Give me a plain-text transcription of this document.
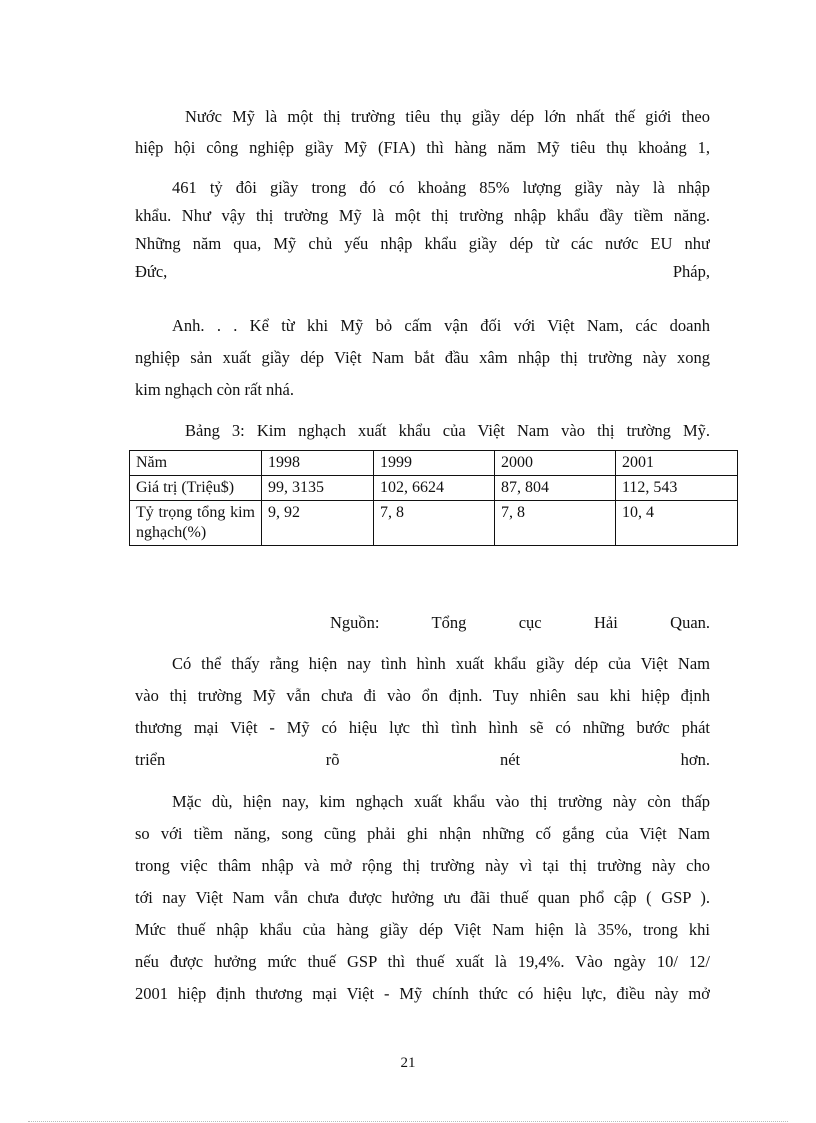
Nước Mỹ là một thị trường tiêu thụ giầy dép lớn nhất thế giới theo
hiệp hội công nghiệp giầy Mỹ (FIA) thì hàng năm Mỹ tiêu thụ khoảng 1,
461 tỷ đôi giầy trong đó có khoảng 85% lượng giầy này là nhập
khẩu. Như vậy thị trường Mỹ là một thị trường nhập khẩu đầy tiềm năng.
Những năm qua, Mỹ chủ yếu nhập khẩu giầy dép từ các nước EU như
Đức,	Pháp,
Anh. . . Kể từ khi Mỹ bỏ cấm vận đối với Việt Nam, các doanh
nghiệp sản xuất giầy dép Việt Nam bắt đầu xâm nhập thị trường này xong
kim nghạch còn rất nhá.
Bảng 3: Kim nghạch xuất khẩu của Việt Nam vào thị trường Mỹ.
Năm	1998	1999	2000	2001
Giá trị (Triệu$)	99, 3135	102, 6624	87, 804	112, 543

Tỷ trọng tổng kim nghạch(%)	9, 92	7, 8	7, 8	10, 4
Nguồn:	Tổng	cục	Hải	Quan.
Có thể thấy rằng hiện nay tình hình xuất khẩu giầy dép của Việt Nam
vào thị trường Mỹ vẫn chưa đi vào ổn định. Tuy nhiên sau khi hiệp định
thương mại Việt - Mỹ có hiệu lực thì tình hình sẽ có những bước phát
triển	rõ	nét	hơn.
Mặc dù, hiện nay, kim nghạch xuất khẩu vào thị trường này còn thấp
so với tiềm năng, song cũng phải ghi nhận những cố gắng của Việt Nam
trong việc thâm nhập và mở rộng thị trường này vì tại thị trường này cho
tới nay Việt Nam vẫn chưa được hưởng ưu đãi thuế quan phổ cập ( GSP ).
Mức thuế nhập khẩu của hàng giầy dép Việt Nam hiện là 35%, trong khi
nếu được hưởng mức thuế GSP thì thuế xuất là 19,4%. Vào ngày 10/ 12/
2001 hiệp định thương mại Việt - Mỹ chính thức có hiệu lực, điều này mở
21
